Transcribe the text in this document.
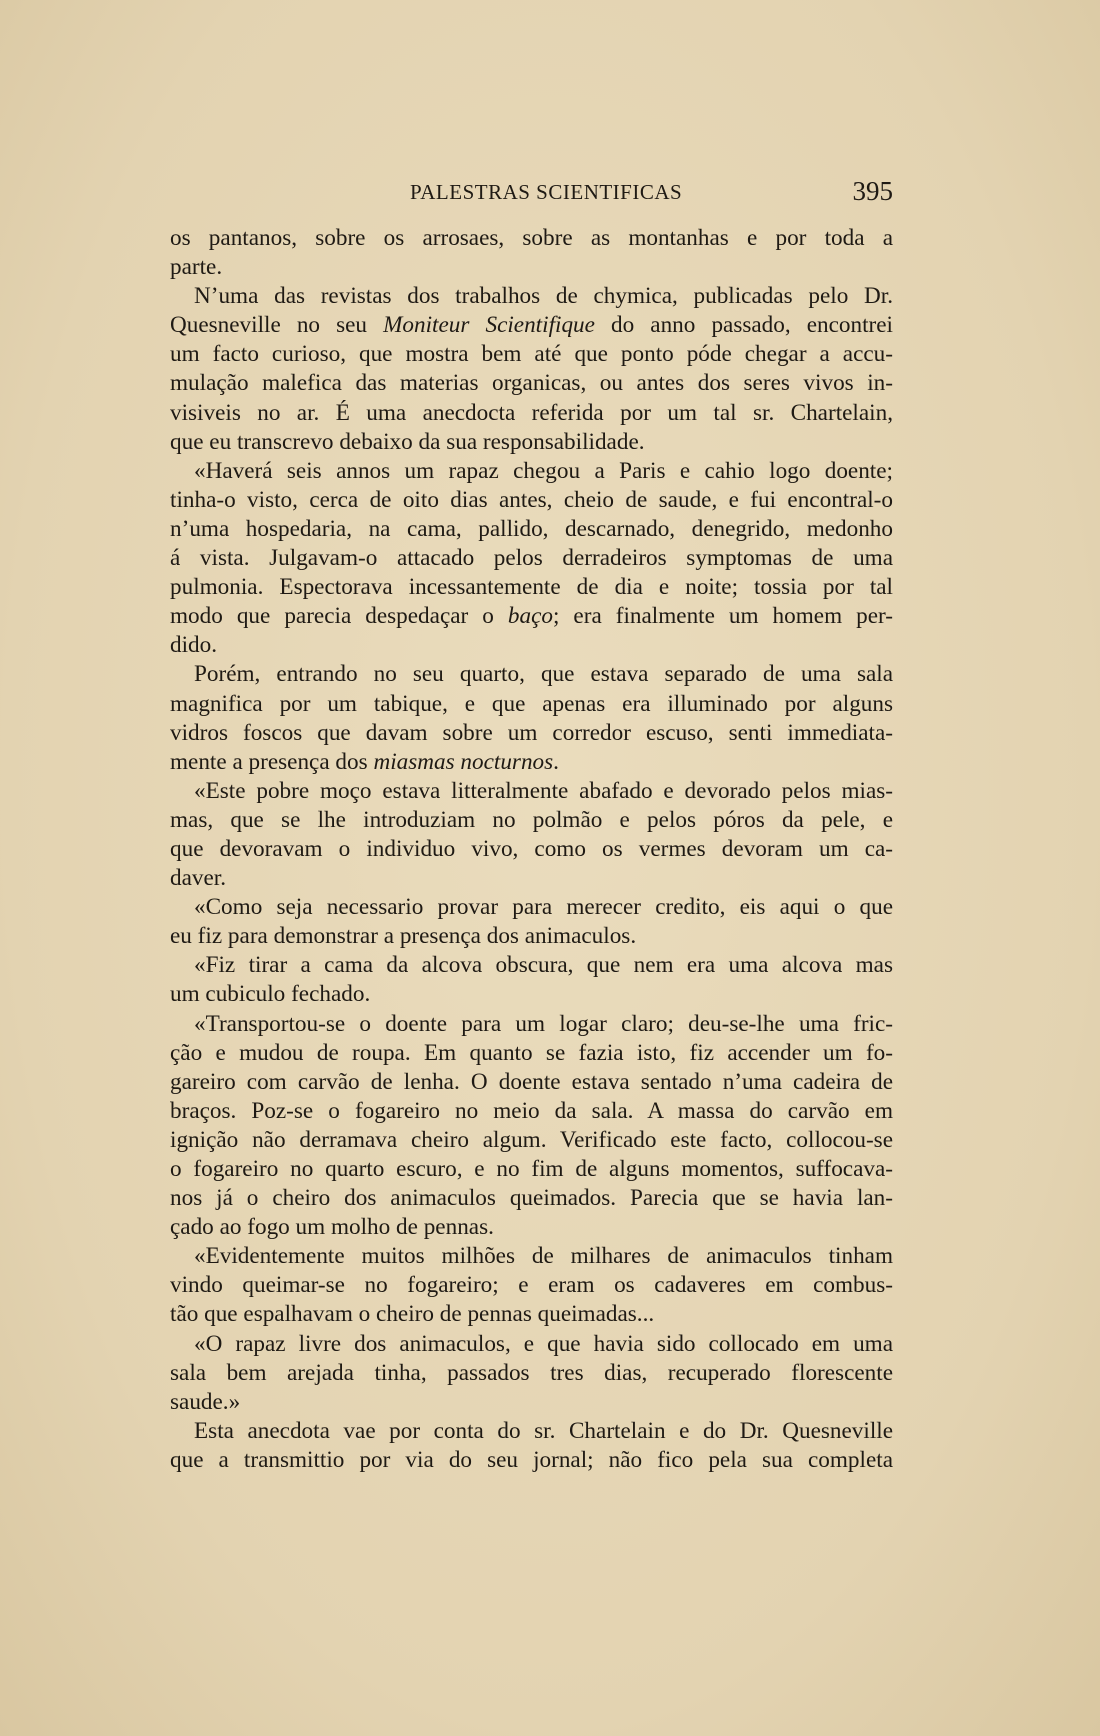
PALESTRAS SCIENTIFICAS	395
os pantanos, sobre os arrosaes, sobre as montanhas e por toda a
parte.
N’uma das revistas dos trabalhos de chymica, publicadas pelo Dr.
Quesneville no seu Moniteur Scientifique do anno passado, encontrei
um facto curioso, que mostra bem até que ponto póde chegar a accu-
mulação malefica das materias organicas, ou antes dos seres vivos in-
visiveis no ar. É uma anecdocta referida por um tal sr. Chartelain,
que eu transcrevo debaixo da sua responsabilidade.
«Haverá seis annos um rapaz chegou a Paris e cahio logo doente;
tinha-o visto, cerca de oito dias antes, cheio de saude, e fui encontral-o
n’uma hospedaria, na cama, pallido, descarnado, denegrido, medonho
á vista. Julgavam-o attacado pelos derradeiros symptomas de uma
pulmonia. Espectorava incessantemente de dia e noite; tossia por tal
modo que parecia despedaçar o baço; era finalmente um homem per-
dido.
Porém, entrando no seu quarto, que estava separado de uma sala
magnifica por um tabique, e que apenas era illuminado por alguns
vidros foscos que davam sobre um corredor escuso, senti immediata-
mente a presença dos miasmas nocturnos.
«Este pobre moço estava litteralmente abafado e devorado pelos mias-
mas, que se lhe introduziam no polmão e pelos póros da pele, e
que devoravam o individuo vivo, como os vermes devoram um ca-
daver.
«Como seja necessario provar para merecer credito, eis aqui o que
eu fiz para demonstrar a presença dos animaculos.
«Fiz tirar a cama da alcova obscura, que nem era uma alcova mas
um cubiculo fechado.
«Transportou-se o doente para um logar claro; deu-se-lhe uma fric-
ção e mudou de roupa. Em quanto se fazia isto, fiz accender um fo-
gareiro com carvão de lenha. O doente estava sentado n’uma cadeira de
braços. Poz-se o fogareiro no meio da sala. A massa do carvão em
ignição não derramava cheiro algum. Verificado este facto, collocou-se
o fogareiro no quarto escuro, e no fim de alguns momentos, suffocava-
nos já o cheiro dos animaculos queimados. Parecia que se havia lan-
çado ao fogo um molho de pennas.
«Evidentemente muitos milhões de milhares de animaculos tinham
vindo queimar-se no fogareiro; e eram os cadaveres em combus-
tão que espalhavam o cheiro de pennas queimadas...
«O rapaz livre dos animaculos, e que havia sido collocado em uma
sala bem arejada tinha, passados tres dias, recuperado florescente
saude.»
Esta anecdota vae por conta do sr. Chartelain e do Dr. Quesneville
que a transmittio por via do seu jornal; não fico pela sua completa
